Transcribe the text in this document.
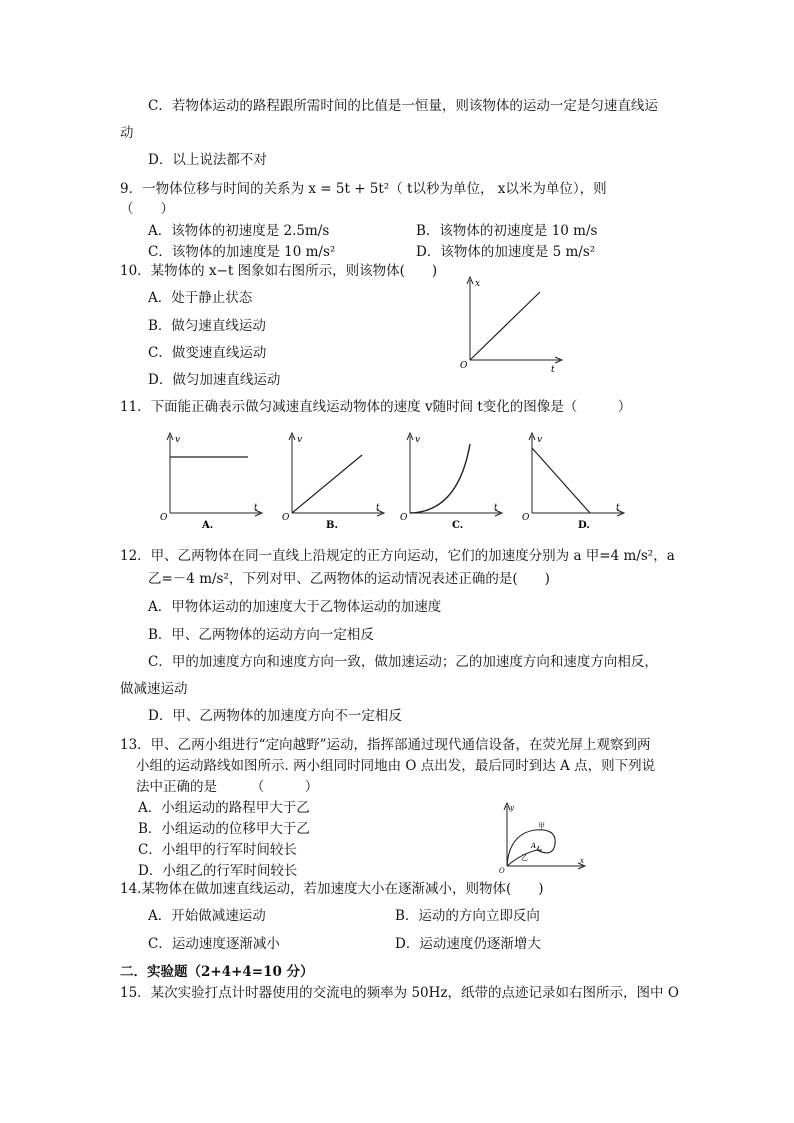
C．若物体运动的路程跟所需时间的比值是一恒量，则该物体的运动一定是匀速直线运
动
D．以上说法都不对
9．一物体位移与时间的关系为 x = 5t + 5t²（ t以秒为单位， x以米为单位），则
（　　）
A．该物体的初速度是 2.5m/s	B．该物体的初速度是 10 m/s
C．该物体的加速度是 10 m/s²	D．该物体的加速度是 5 m/s²
10．某物体的 x−t 图象如右图所示，则该物体(　　)
A．处于静止状态
B．做匀速直线运动
C．做变速直线运动
D．做匀加速直线运动
x
t
O
11．下面能正确表示做匀减速直线运动物体的速度 v随时间 t变化的图像是（　　　）
v
t
O
A.
v
t
O
B.
v
t
O
C.
v
t
O
D.
12．甲、乙两物体在同一直线上沿规定的正方向运动，它们的加速度分别为 a 甲=4 m/s²，a
乙=－4 m/s²，下列对甲、乙两物体的运动情况表述正确的是(　　)
A．甲物体运动的加速度大于乙物体运动的加速度
B．甲、乙两物体的运动方向一定相反
C．甲的加速度方向和速度方向一致，做加速运动；乙的加速度方向和速度方向相反，
做减速运动
D．甲、乙两物体的加速度方向不一定相反
13．甲、乙两小组进行“定向越野”运动，指挥部通过现代通信设备，在荧光屏上观察到两
小组的运动路线如图所示. 两小组同时同地由 O 点出发，最后同时到达 A 点，则下列说
法中正确的是　　　（　　　）
A．小组运动的路程甲大于乙
B．小组运动的位移甲大于乙
C．小组甲的行军时间较长
D．小组乙的行军时间较长
y
x
O
甲
乙
A
14.某物体在做加速直线运动，若加速度大小在逐渐减小，则物体(　　)
A．开始做减速运动	B．运动的方向立即反向
C．运动速度逐渐减小	D．运动速度仍逐渐增大
二．实验题（2+4+4=10 分）
15．某次实验打点计时器使用的交流电的频率为 50Hz，纸带的点迹记录如右图所示，图中 O
